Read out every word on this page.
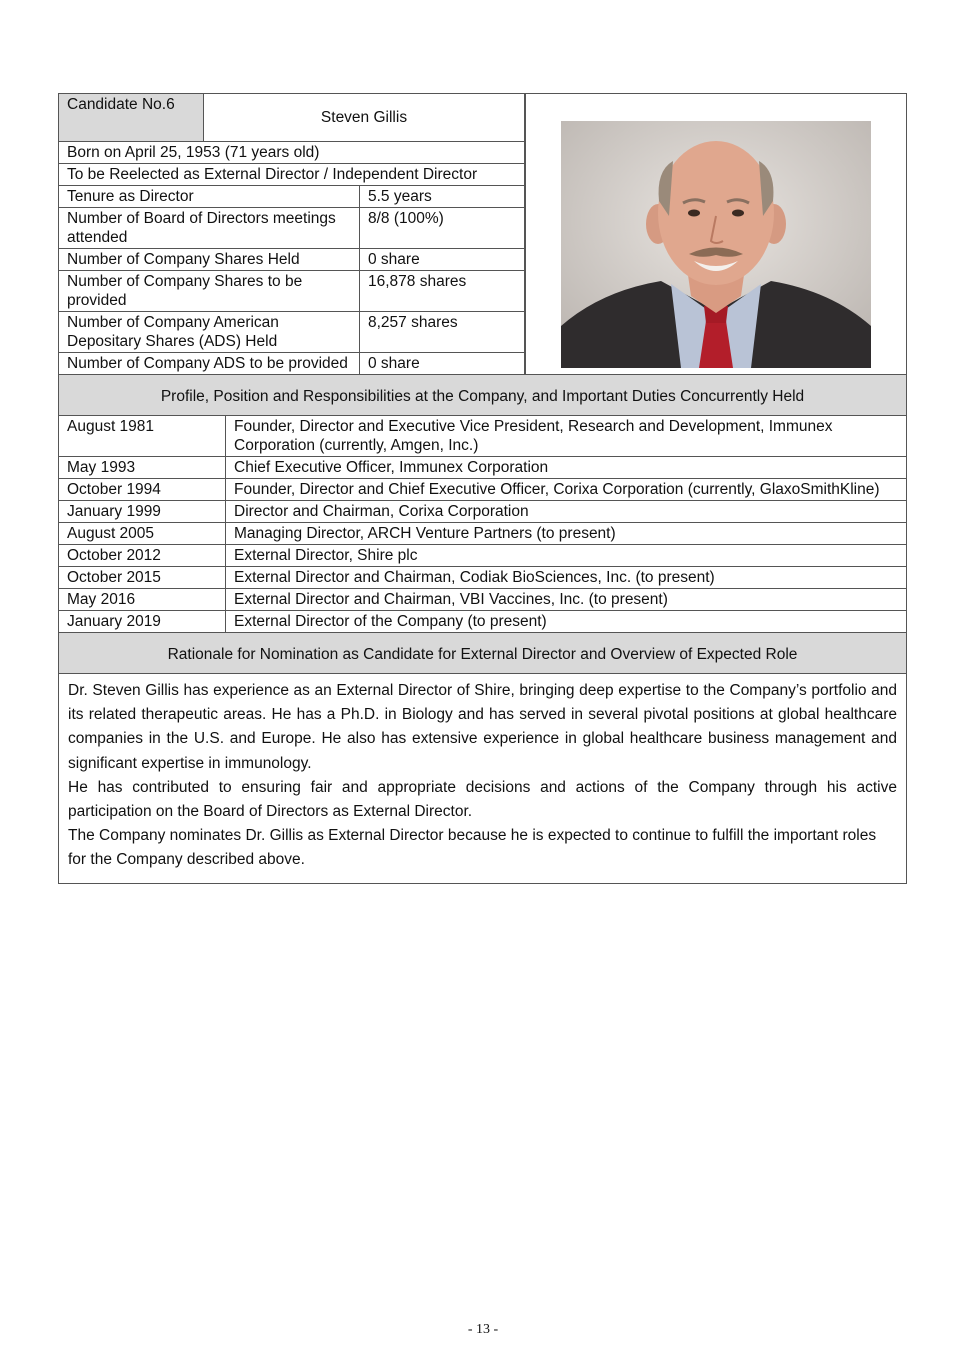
Candidate No.6	Steven Gillis
Born on April 25, 1953 (71 years old)
To be Reelected as External Director / Independent Director
Tenure as Director	5.5 years
Number of Board of Directors meetings attended	8/8 (100%)
Number of Company Shares Held	0 share
Number of Company Shares to be provided	16,878 shares
Number of Company American Depositary Shares (ADS) Held	8,257 shares
Number of Company ADS to be provided	0 share
Profile, Position and Responsibilities at the Company, and Important Duties Concurrently Held
August 1981	Founder, Director and Executive Vice President, Research and Development, Immunex Corporation (currently, Amgen, Inc.)
May 1993	Chief Executive Officer, Immunex Corporation
October 1994	Founder, Director and Chief Executive Officer, Corixa Corporation (currently, GlaxoSmithKline)
January 1999	Director and Chairman, Corixa Corporation
August 2005	Managing Director, ARCH Venture Partners (to present)
October 2012	External Director, Shire plc
October 2015	External Director and Chairman, Codiak BioSciences, Inc. (to present)
May 2016	External Director and Chairman, VBI Vaccines, Inc. (to present)
January 2019	External Director of the Company (to present)
Rationale for Nomination as Candidate for External Director and Overview of Expected Role

Dr. Steven Gillis has experience as an External Director of Shire, bringing deep expertise to the Company’s portfolio and its related therapeutic areas. He has a Ph.D. in Biology and has served in several pivotal positions at global healthcare companies in the U.S. and Europe. He also has extensive experience in global healthcare business management and significant expertise in immunology.

He has contributed to ensuring fair and appropriate decisions and actions of the Company through his active participation on the Board of Directors as External Director.

The Company nominates Dr. Gillis as External Director because he is expected to continue to fulfill the important roles for the Company described above.

- 13 -
